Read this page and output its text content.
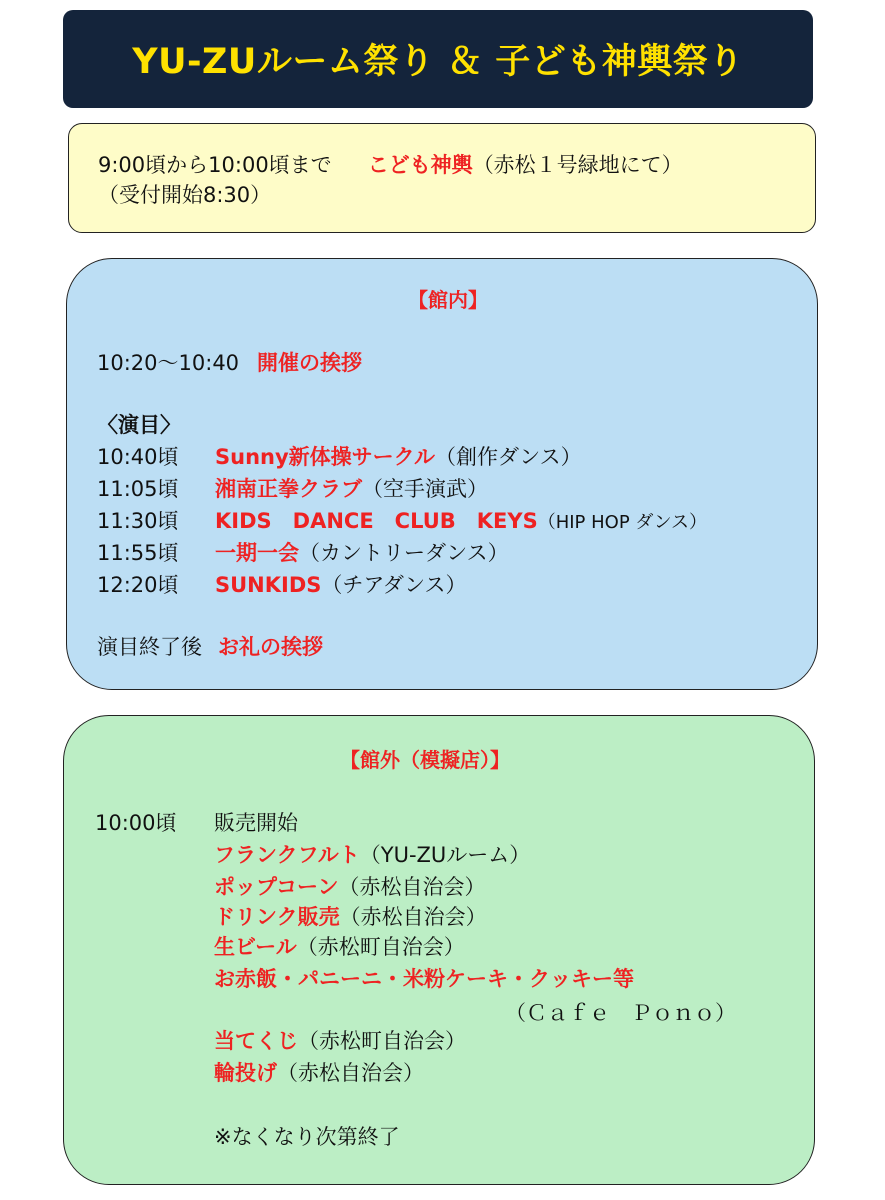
YU-ZUルーム祭り ＆ 子ども神輿祭り
9:00頃から10:00頃まで こども神輿（赤松１号緑地にて）
（受付開始8:30）
【館内】
10:20～10:40 開催の挨拶
〈演目〉
10:40頃 Sunny新体操サークル（創作ダンス）
11:05頃 湘南正拳クラブ（空手演武）
11:30頃 KIDS　DANCE　CLUB　KEYS（HIP HOP ダンス）
11:55頃 一期一会（カントリーダンス）
12:20頃 SUNKIDS（チアダンス）
演目終了後 お礼の挨拶
【館外（模擬店）】
10:00頃 販売開始
フランクフルト（YU-ZUルーム）
ポップコーン（赤松自治会）
ドリンク販売（赤松自治会）
生ビール（赤松町自治会）
お赤飯・パニーニ・米粉ケーキ・クッキー等
（Ｃａｆｅ　Ｐｏｎｏ）
当てくじ（赤松町自治会）
輪投げ（赤松自治会）
※なくなり次第終了
